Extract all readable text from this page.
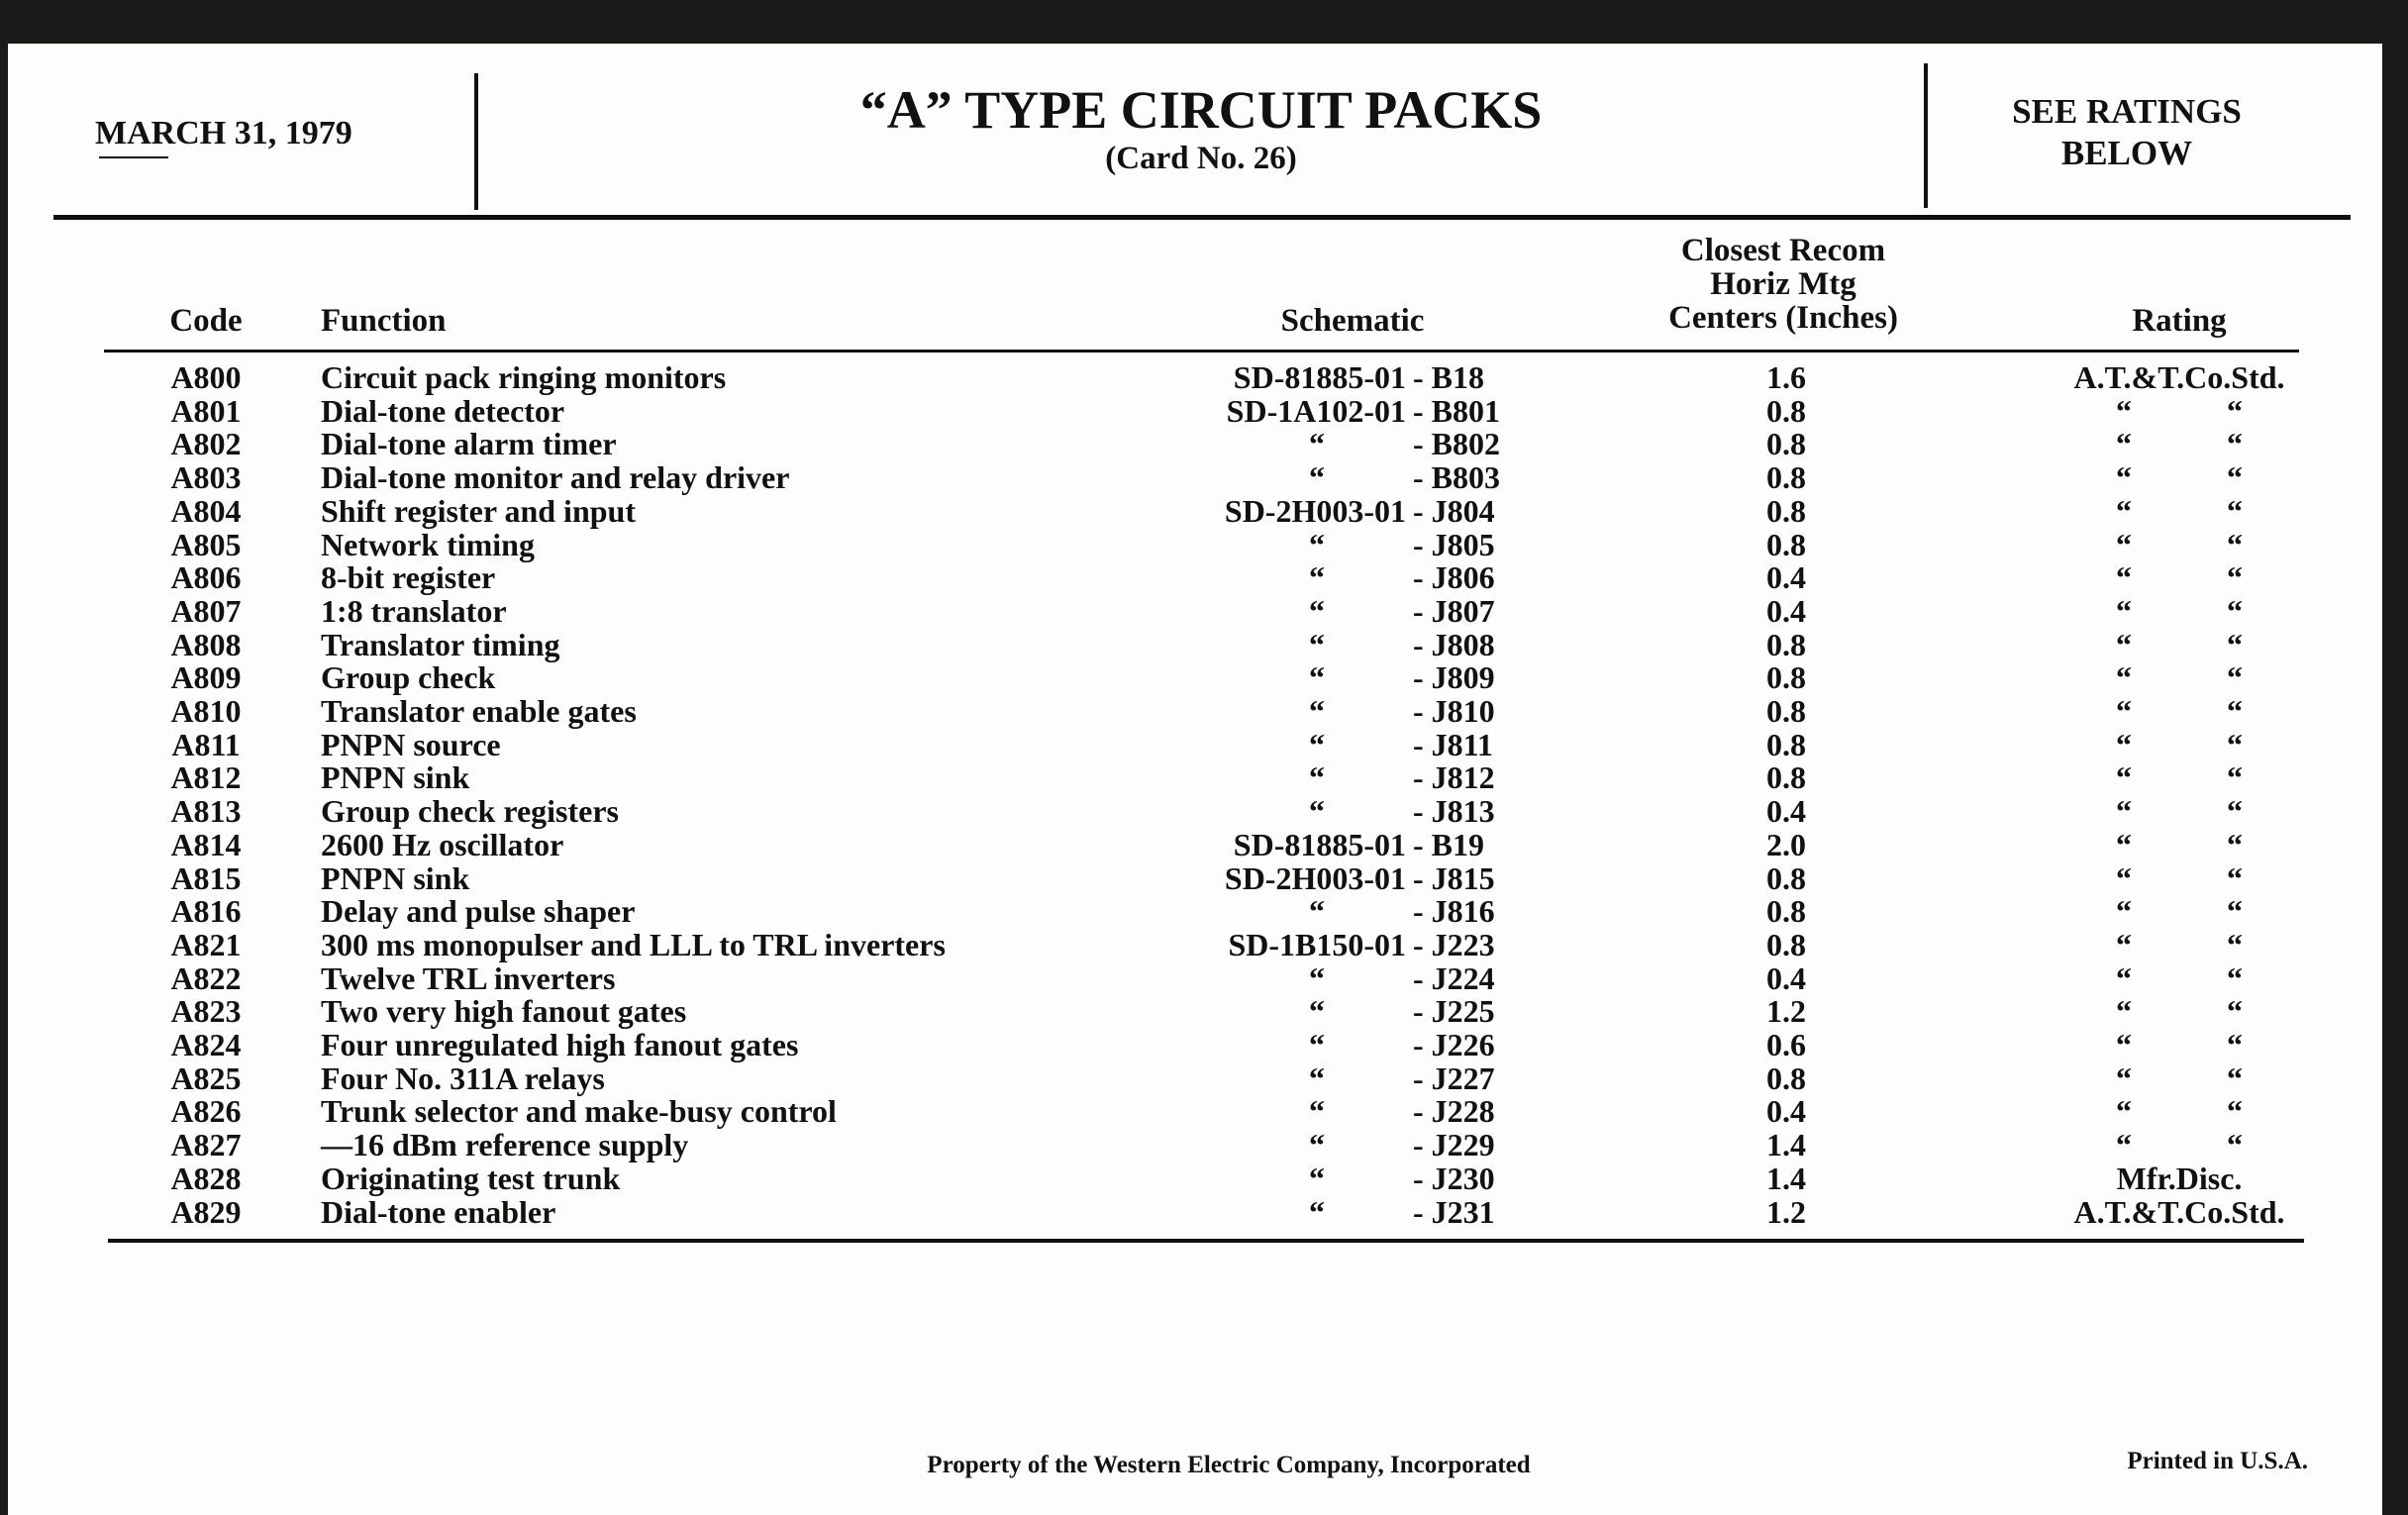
MARCH 31, 1979	“A” TYPE CIRCUIT PACKS
(Card No. 26)
SEE RATINGS
BELOW
Code	Function	Schematic
Closest Recom
Horiz Mtg
Centers (Inches)	Rating
A800	Circuit pack ringing monitors	SD-81885-01 - B18	1.6	A.T.&T.Co.Std.
A801	Dial-tone detector	SD-1A102-01 - B801	0.8	“            “
A802	Dial-tone alarm timer	“	- B802	0.8	“            “
A803	Dial-tone monitor and relay driver	“	- B803	0.8	“            “
A804	Shift register and input	SD-2H003-01 - J804	0.8	“            “
A805	Network timing	“	- J805	0.8	“            “
A806	8-bit register	“	- J806	0.4	“            “
A807	1:8 translator	“	- J807	0.4	“            “
A808	Translator timing	“	- J808	0.8	“            “
A809	Group check	“	- J809	0.8	“            “
A810	Translator enable gates	“	- J810	0.8	“            “
A811	PNPN source	“	- J811	0.8	“            “
A812	PNPN sink	“	- J812	0.8	“            “
A813	Group check registers	“	- J813	0.4	“            “
A814	2600 Hz oscillator	SD-81885-01 - B19	2.0	“            “
A815	PNPN sink	SD-2H003-01 - J815	0.8	“            “
A816	Delay and pulse shaper	“	- J816	0.8	“            “
A821	300 ms monopulser and LLL to TRL inverters	SD-1B150-01 - J223	0.8	“            “
A822	Twelve TRL inverters	“	- J224	0.4	“            “
A823	Two very high fanout gates	“	- J225	1.2	“            “
A824	Four unregulated high fanout gates	“	- J226	0.6	“            “
A825	Four No. 311A relays	“	- J227	0.8	“            “
A826	Trunk selector and make-busy control	“	- J228	0.4	“            “
A827	—16 dBm reference supply	“	- J229	1.4	“            “
A828	Originating test trunk	“	- J230	1.4	Mfr.Disc.
A829	Dial-tone enabler	“	- J231	1.2	A.T.&T.Co.Std.
Property of the Western Electric Company, Incorporated	Printed in U.S.A.
